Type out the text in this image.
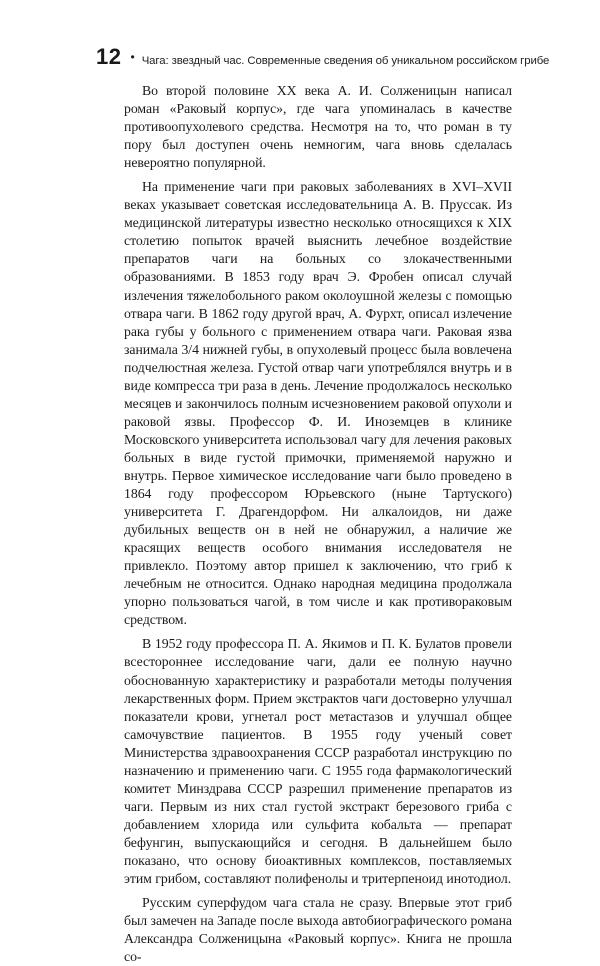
12 • Чага: звездный час. Современные сведения об уникальном российском грибе

Во второй половине XX века А. И. Солженицын написал роман «Раковый корпус», где чага упоминалась в качестве противоопухолевого средства. Несмотря на то, что роман в ту пору был доступен очень немногим, чага вновь сделалась невероятно популярной.

На применение чаги при раковых заболеваниях в XVI–XVII веках указывает советская исследовательница А. В. Пруссак. Из медицинской литературы известно несколько относящихся к XIX столетию попыток врачей выяснить лечебное воздействие препаратов чаги на больных со злокачественными образованиями. В 1853 году врач Э. Фробен описал случай излечения тяжелобольного раком околоушной железы с помощью отвара чаги. В 1862 году другой врач, А. Фурхт, описал излечение рака губы у больного с применением отвара чаги. Раковая язва занимала 3/4 нижней губы, в опухолевый процесс была вовлечена подчелюстная железа. Густой отвар чаги употреблялся внутрь и в виде компресса три раза в день. Лечение продолжалось несколько месяцев и закончилось полным исчезновением раковой опухоли и раковой язвы. Профессор Ф. И. Иноземцев в клинике Московского университета использовал чагу для лечения раковых больных в виде густой примочки, применяемой наружно и внутрь. Первое химическое исследование чаги было проведено в 1864 году профессором Юрьевского (ныне Тартуского) университета Г. Драгендорфом. Ни алкалоидов, ни даже дубильных веществ он в ней не обнаружил, а наличие же красящих веществ особого внимания исследователя не привлекло. Поэтому автор пришел к заключению, что гриб к лечебным не относится. Однако народная медицина продолжала упорно пользоваться чагой, в том числе и как противораковым средством.

В 1952 году профессора П. А. Якимов и П. К. Булатов провели всестороннее исследование чаги, дали ее полную научно обоснованную характеристику и разработали методы получения лекарственных форм. Прием экстрактов чаги достоверно улучшал показатели крови, угнетал рост метастазов и улучшал общее самочувствие пациентов. В 1955 году ученый совет Министерства здравоохранения СССР разработал инструкцию по назначению и применению чаги. С 1955 года фармакологический комитет Минздрава СССР разрешил применение препаратов из чаги. Первым из них стал густой экстракт березового гриба с добавлением хлорида или сульфита кобальта — препарат бефунгин, выпускающийся и сегодня. В дальнейшем было показано, что основу биоактивных комплексов, поставляемых этим грибом, составляют полифенолы и тритерпеноид инотодиол.

Русским суперфудом чага стала не сразу. Впервые этот гриб был замечен на Западе после выхода автобиографического романа Александра Солженицына «Раковый корпус». Книга не прошла со-
